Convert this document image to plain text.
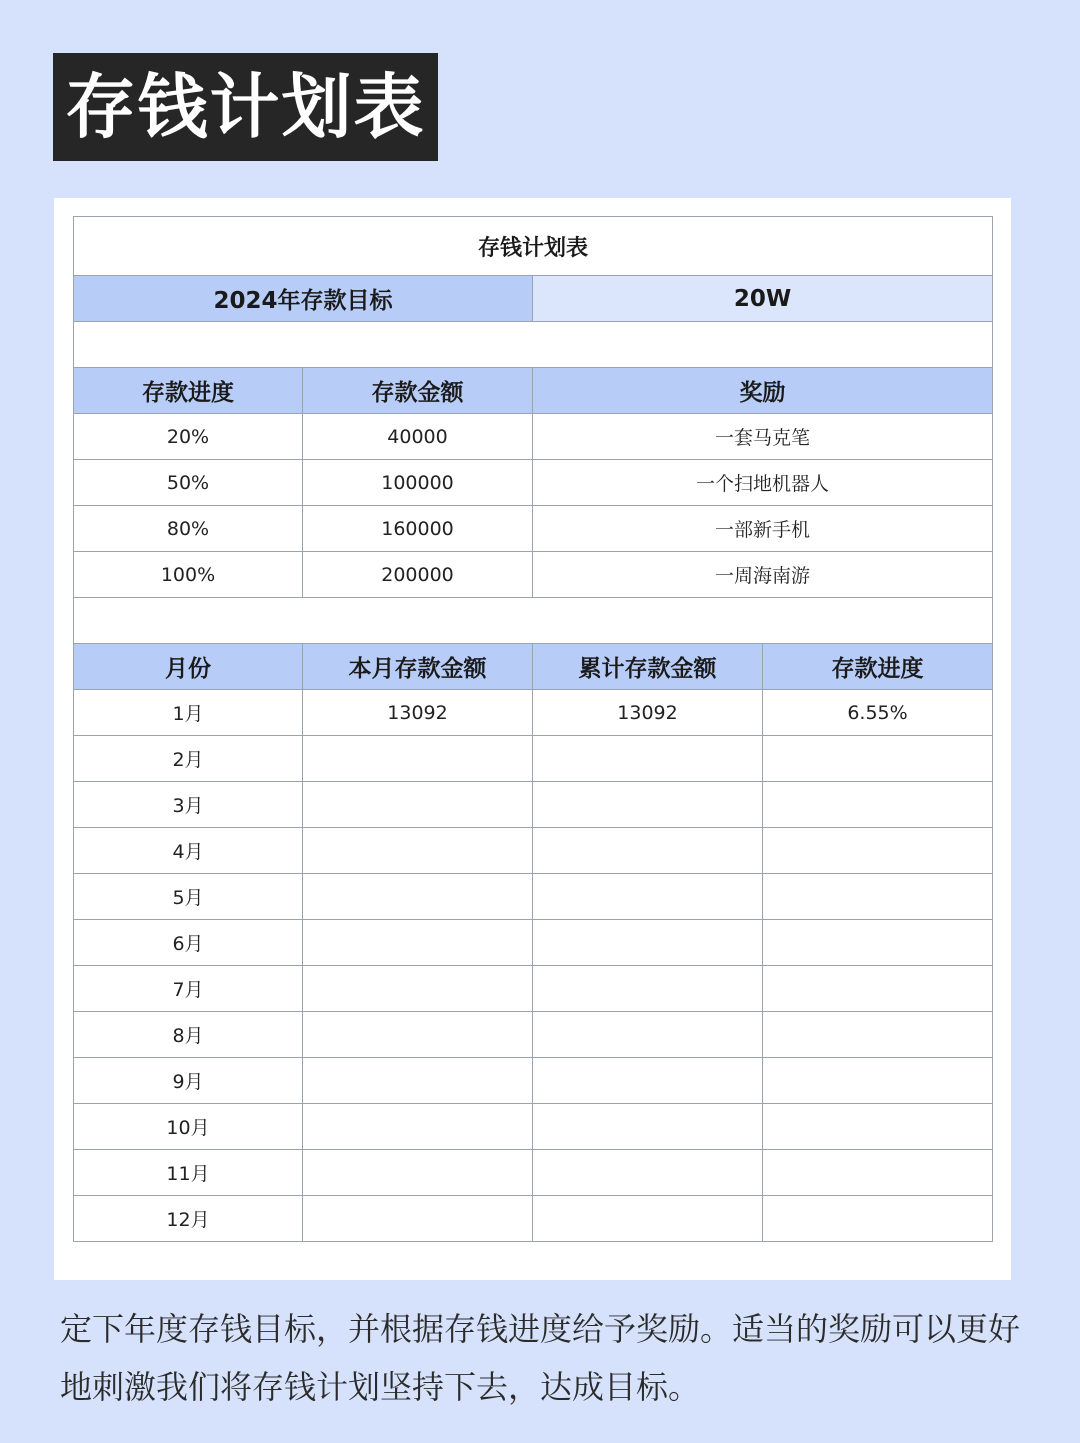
存钱计划表
存钱计划表			
2024年存款目标		20W	

存款进度	存款金额	奖励	
20%	40000	一套马克笔	
50%	100000	一个扫地机器人	
80%	160000	一部新手机	
100%	200000	一周海南游	

月份	本月存款金额	累计存款金额	存款进度
1月	13092	13092	6.55%
2月			
3月			
4月			
5月			
6月			
7月			
8月			
9月			
10月			
11月			
12月			

定下年度存钱目标，并根据存钱进度给予奖励。适当的奖励可以更好地刺激我们将存钱计划坚持下去，达成目标。
